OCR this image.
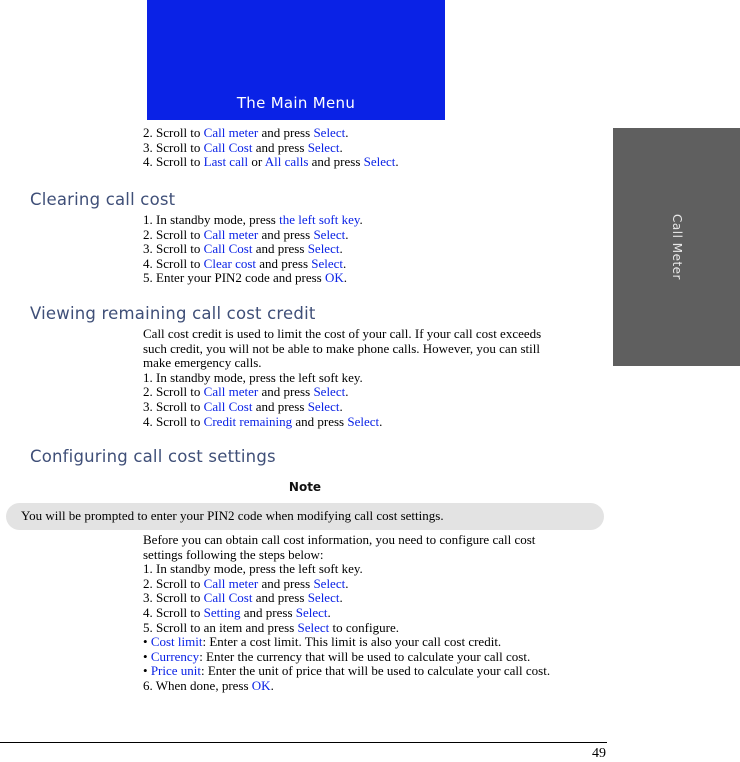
The Main Menu
Call Meter
2. Scroll to Call meter and press Select.
3. Scroll to Call Cost and press Select.
4. Scroll to Last call or All calls and press Select.
Clearing call cost
1. In standby mode, press the left soft key.
2. Scroll to Call meter and press Select.
3. Scroll to Call Cost and press Select.
4. Scroll to Clear cost and press Select.
5. Enter your PIN2 code and press OK.
Viewing remaining call cost credit
Call cost credit is used to limit the cost of your call. If your call cost exceeds
such credit, you will not be able to make phone calls. However, you can still
make emergency calls.
1. In standby mode, press the left soft key.
2. Scroll to Call meter and press Select.
3. Scroll to Call Cost and press Select.
4. Scroll to Credit remaining and press Select.
Configuring call cost settings
Note
You will be prompted to enter your PIN2 code when modifying call cost settings.
Before you can obtain call cost information, you need to configure call cost
settings following the steps below:
1. In standby mode, press the left soft key.
2. Scroll to Call meter and press Select.
3. Scroll to Call Cost and press Select.
4. Scroll to Setting and press Select.
5. Scroll to an item and press Select to configure.
• Cost limit: Enter a cost limit. This limit is also your call cost credit.
• Currency: Enter the currency that will be used to calculate your call cost.
• Price unit: Enter the unit of price that will be used to calculate your call cost.
6. When done, press OK.
49
